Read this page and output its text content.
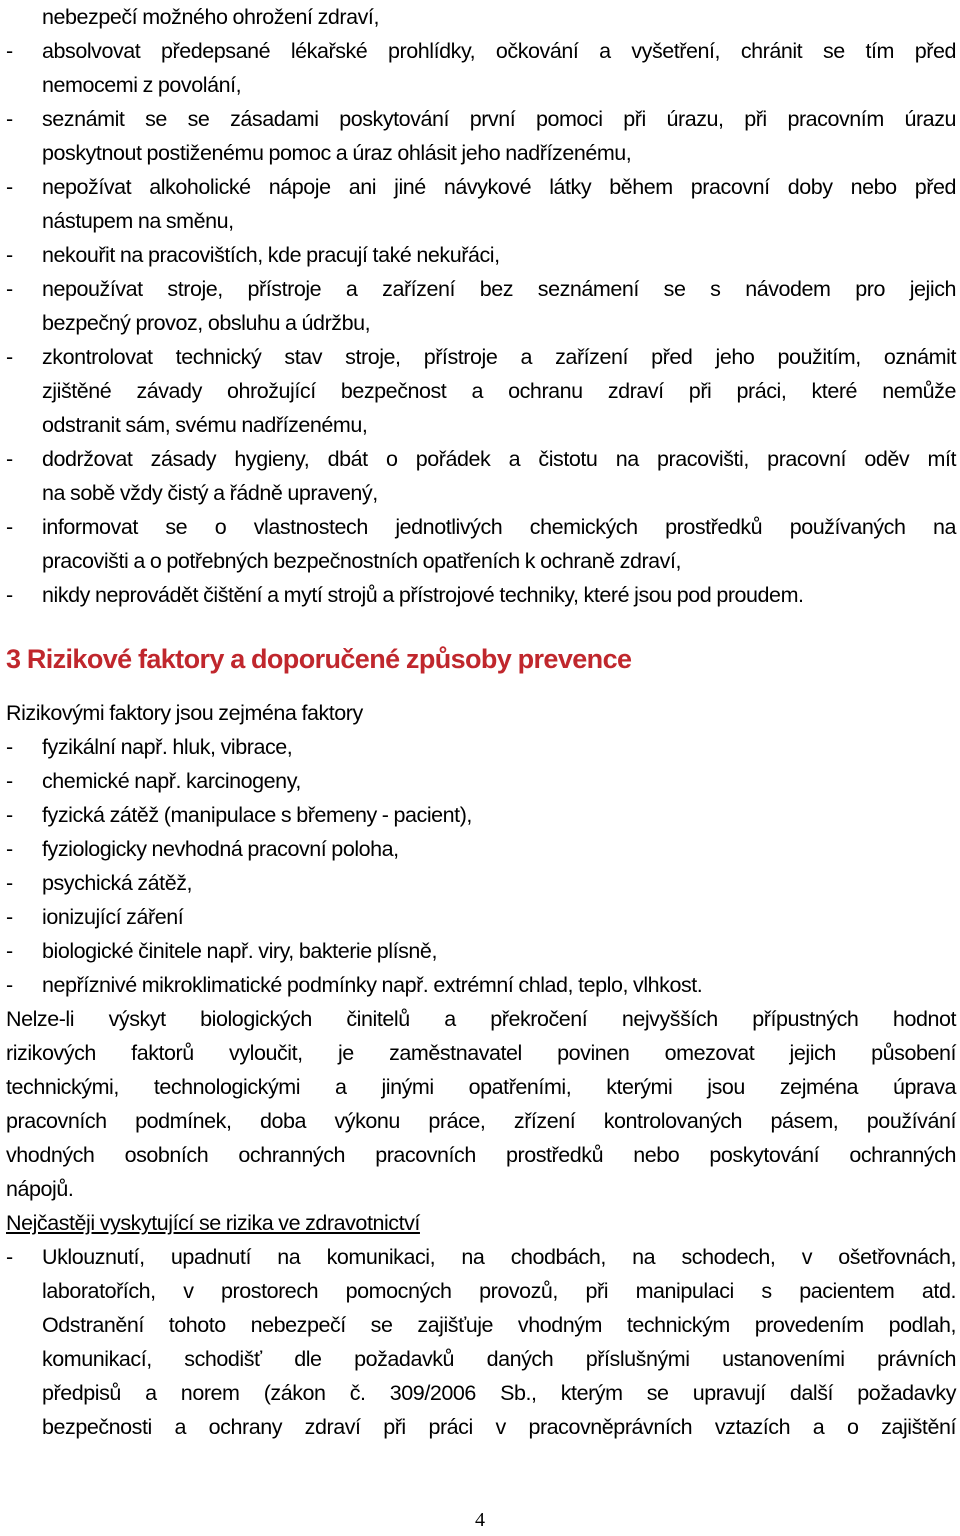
nebezpečí možného ohrožení zdraví,
- absolvovat předepsané lékařské prohlídky, očkování a vyšetření, chránit se tím před
nemocemi z povolání,
- seznámit se se zásadami poskytování první pomoci při úrazu, při pracovním úrazu
poskytnout postiženému pomoc a úraz ohlásit jeho nadřízenému,
- nepožívat alkoholické nápoje ani jiné návykové látky během pracovní doby nebo před
nástupem na směnu,
- nekouřit na pracovištích, kde pracují také nekuřáci,
- nepoužívat stroje, přístroje a zařízení bez seznámení se s návodem pro jejich
bezpečný provoz, obsluhu a údržbu,
- zkontrolovat technický stav stroje, přístroje a zařízení před jeho použitím, oznámit
zjištěné závady ohrožující bezpečnost a ochranu zdraví při práci, které nemůže
odstranit sám, svému nadřízenému,
- dodržovat zásady hygieny, dbát o pořádek a čistotu na pracovišti, pracovní oděv mít
na sobě vždy čistý a řádně upravený,
- informovat se o vlastnostech jednotlivých chemických prostředků používaných na
pracovišti a o potřebných bezpečnostních opatřeních k ochraně zdraví,
- nikdy neprovádět čištění a mytí strojů a přístrojové techniky, které jsou pod proudem.
3 Rizikové faktory a doporučené způsoby prevence
Rizikovými faktory jsou zejména faktory
- fyzikální např. hluk, vibrace,
- chemické např. karcinogeny,
- fyzická zátěž (manipulace s břemeny - pacient),
- fyziologicky nevhodná pracovní poloha,
- psychická zátěž,
- ionizující záření
- biologické činitele např. viry, bakterie plísně,
- nepříznivé mikroklimatické podmínky např. extrémní chlad, teplo, vlhkost.
Nelze-li výskyt biologických činitelů a překročení nejvyšších přípustných hodnot
rizikových faktorů vyloučit, je zaměstnavatel povinen omezovat jejich působení
technickými, technologickými a jinými opatřeními, kterými jsou zejména úprava
pracovních podmínek, doba výkonu práce, zřízení kontrolovaných pásem, používání
vhodných osobních ochranných pracovních prostředků nebo poskytování ochranných
nápojů.
Nejčastěji vyskytující se rizika ve zdravotnictví
- Uklouznutí, upadnutí na komunikaci, na chodbách, na schodech, v ošetřovnách,
laboratořích, v prostorech pomocných provozů, při manipulaci s pacientem atd.
Odstranění tohoto nebezpečí se zajišťuje vhodným technickým provedením podlah,
komunikací, schodišť dle požadavků daných příslušnými ustanoveními právních
předpisů a norem (zákon č. 309/2006 Sb., kterým se upravují další požadavky
bezpečnosti a ochrany zdraví při práci v pracovněprávních vztazích a o zajištění
4
